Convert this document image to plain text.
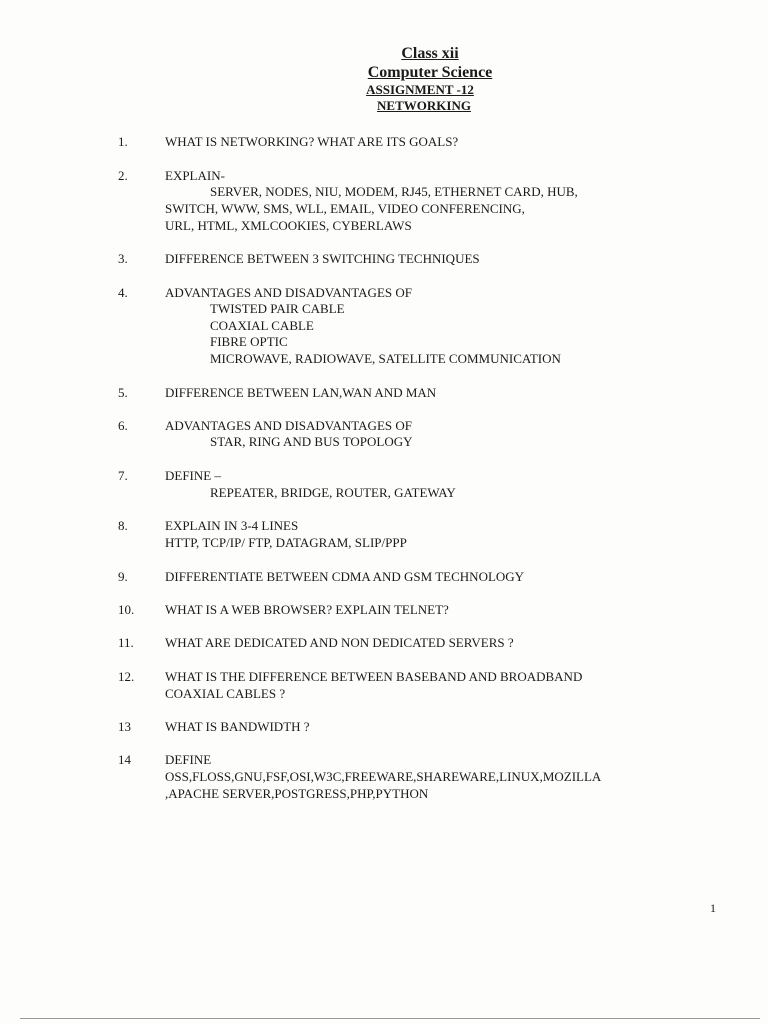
Class xii
Computer Science
ASSIGNMENT -12
NETWORKING
1.	WHAT IS NETWORKING? WHAT ARE ITS GOALS?
2.	EXPLAIN-
SERVER, NODES, NIU, MODEM, RJ45, ETHERNET CARD, HUB,
SWITCH, WWW, SMS, WLL, EMAIL, VIDEO CONFERENCING,
URL, HTML, XMLCOOKIES, CYBERLAWS
3.	DIFFERENCE BETWEEN 3 SWITCHING TECHNIQUES
4.	ADVANTAGES AND DISADVANTAGES OF
TWISTED PAIR CABLE
COAXIAL CABLE
FIBRE OPTIC
MICROWAVE, RADIOWAVE, SATELLITE COMMUNICATION
5.	DIFFERENCE BETWEEN LAN,WAN AND MAN
6.	ADVANTAGES AND DISADVANTAGES OF
STAR, RING AND BUS TOPOLOGY
7.	DEFINE –
REPEATER, BRIDGE, ROUTER, GATEWAY
8.	EXPLAIN IN 3-4 LINES
HTTP, TCP/IP/ FTP, DATAGRAM, SLIP/PPP
9.	DIFFERENTIATE BETWEEN CDMA AND GSM TECHNOLOGY
10. WHAT IS A WEB BROWSER? EXPLAIN TELNET?
11. WHAT ARE DEDICATED AND NON DEDICATED SERVERS ?
12. WHAT IS THE DIFFERENCE BETWEEN BASEBAND AND BROADBAND
COAXIAL CABLES ?
13	WHAT IS BANDWIDTH ?
14	DEFINE
OSS,FLOSS,GNU,FSF,OSI,W3C,FREEWARE,SHAREWARE,LINUX,MOZILLA
,APACHE SERVER,POSTGRESS,PHP,PYTHON
1
